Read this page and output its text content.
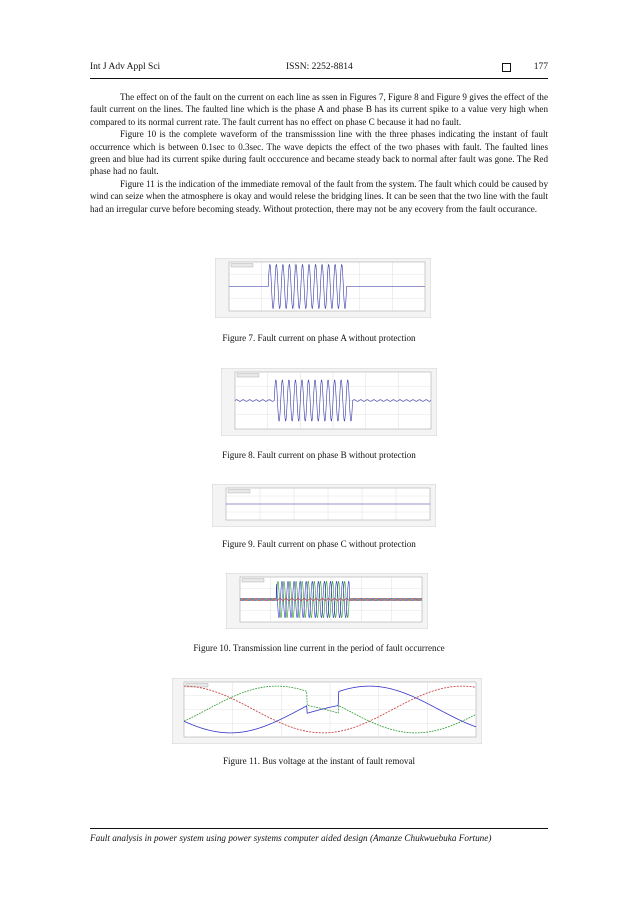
Int J Adv Appl Sci	ISSN: 2252-8814	177

The effect on of the fault on the current on each line as ssen in Figures 7, Figure 8 and Figure 9 gives the effect of the fault current on the lines. The faulted line which is the phase A and phase B has its current spike to a value very high when compared to its normal current rate. The fault current has no effect on phase C because it had no fault.

Figure 10 is the complete waveform of the transmisssion line with the three phases indicating the instant of fault occurrence which is between 0.1sec to 0.3sec. The wave depicts the effect of the two phases with fault. The faulted lines green and blue had its current spike during fault occcurence and became steady back to normal after fault was gone. The Red phase had no fault.

Figure 11 is the indication of the immediate removal of the fault from the system. The fault which could be caused by wind can seize when the atmosphere is okay and would relese the bridging lines. It can be seen that the two line with the fault had an irregular curve before becoming steady. Without protection, there may not be any ecovery from the fault occurance.

Figure 7. Fault current on phase A without protection
Figure 8. Fault current on phase B without protection
Figure 9. Fault current on phase C without protection
Figure 10. Transmission line current in the period of fault occurrence
Figure 11. Bus voltage at the instant of fault removal
Fault analysis in power system using power systems computer aided design (Amanze Chukwuebuka Fortune)
